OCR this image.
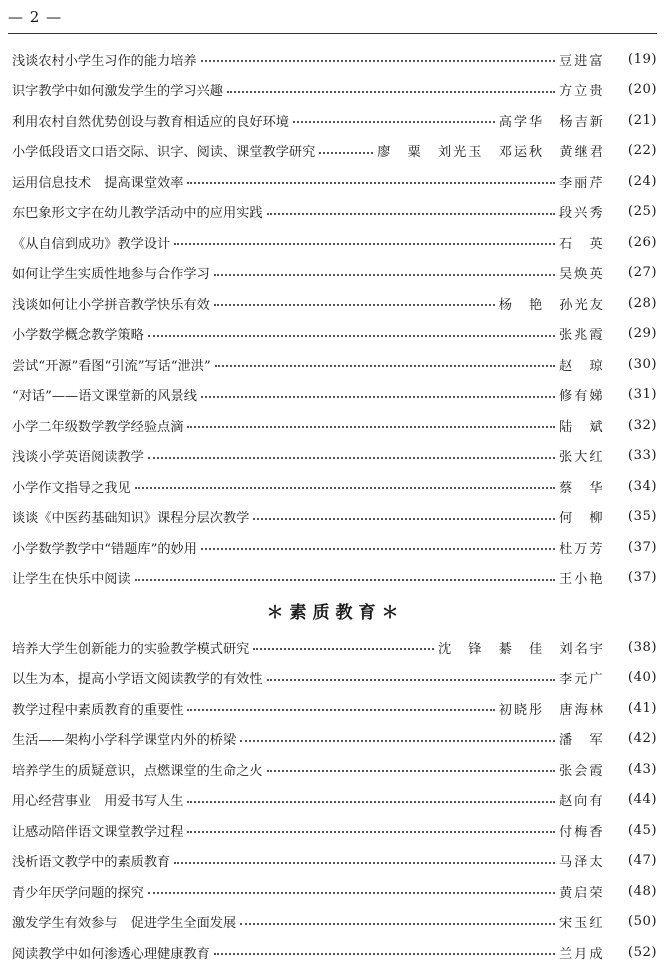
— 2 —
浅谈农村小学生习作的能力培养	豆进富	(19)
识字教学中如何激发学生的学习兴趣	方立贵	(20)
利用农村自然优势创设与教育相适应的良好环境	高学华　杨吉新	(21)
小学低段语文口语交际、识字、阅读、课堂教学研究	廖　粟　刘光玉　邓运秋　黄继君	(22)
运用信息技术　提高课堂效率	李丽芹	(24)
东巴象形文字在幼儿教学活动中的应用实践	段兴秀	(25)
《从自信到成功》教学设计	石　英	(26)
如何让学生实质性地参与合作学习	吴焕英	(27)
浅谈如何让小学拼音教学快乐有效	杨　艳　孙光友	(28)
小学数学概念教学策略	张兆霞	(29)
尝试“开源”看图“引流”写话“泄洪”	赵　琼	(30)
“对话”——语文课堂新的风景线	修有娣	(31)
小学二年级数学教学经验点滴	陆　斌	(32)
浅谈小学英语阅读教学	张大红	(33)
小学作文指导之我见	蔡　华	(34)
谈谈《中医药基础知识》课程分层次教学	何　柳	(35)
小学数学教学中“错题库”的妙用	杜万芳	(37)
让学生在快乐中阅读	王小艳	(37)
＊素质教育＊
培养大学生创新能力的实验教学模式研究	沈　锋　綦　佳　刘名宇	(38)
以生为本，提高小学语文阅读教学的有效性	李元广	(40)
教学过程中素质教育的重要性	初晓彤　唐海林	(41)
生活——架构小学科学课堂内外的桥梁	潘　军	(42)
培养学生的质疑意识，点燃课堂的生命之火	张会霞	(43)
用心经营事业　用爱书写人生	赵向有	(44)
让感动陪伴语文课堂教学过程	付梅香	(45)
浅析语文教学中的素质教育	马泽太	(47)
青少年厌学问题的探究	黄启荣	(48)
激发学生有效参与　促进学生全面发展	宋玉红	(50)
阅读教学中如何渗透心理健康教育	兰月成	(52)
